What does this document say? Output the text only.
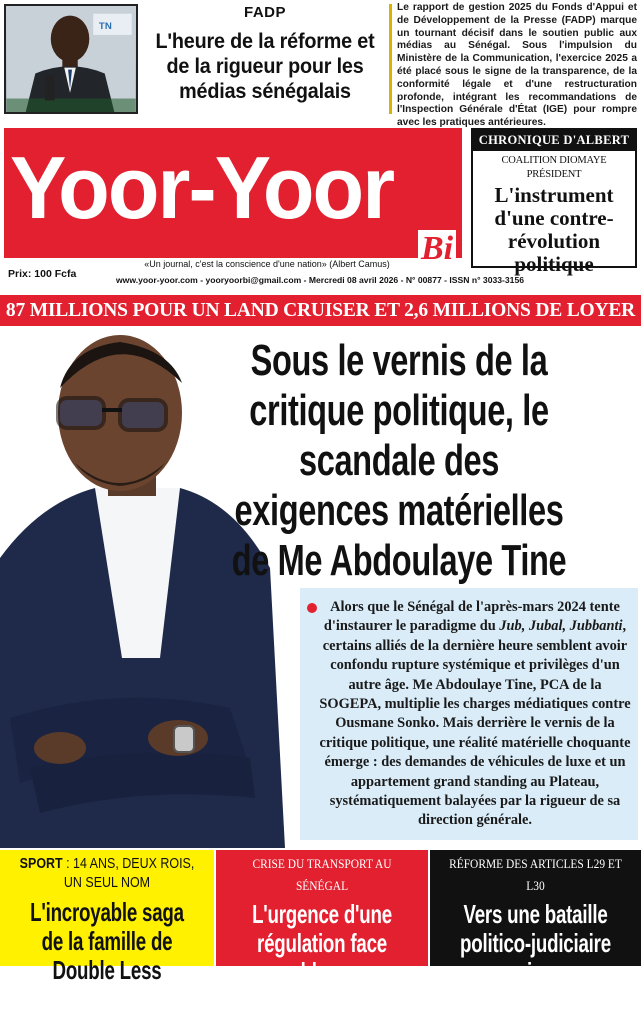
TN
FADP
L'heure de la réforme et de la rigueur pour les médias sénégalais
Le rapport de gestion 2025 du Fonds d'Appui et de Développement de la Presse (FADP) marque un tournant décisif dans le soutien public aux médias au Sénégal. Sous l'impulsion du Ministère de la Communication, l'exercice 2025 a été placé sous le signe de la transparence, de la conformité légale et d'une restructuration profonde, intégrant les recommandations de l'Inspection Générale d'État (IGE) pour rompre avec les pratiques antérieures.
Yoor-Yoor
Prix: 100 Fcfa
«Un journal, c'est la conscience d'une nation» (Albert Camus) Bi
www.yoor-yoor.com - yooryoorbi@gmail.com - Mercredi 08 avril 2026 - N° 00877 - ISSN n° 3033-3156
CHRONIQUE D'ALBERT
COALITION DIOMAYE PRÉSIDENT
L'instrument d'une contre-révolution politique
87 MILLIONS POUR UN LAND CRUISER ET 2,6 MILLIONS DE LOYER
Sous le vernis de la critique politique, le scandale des exigences matérielles de Me Abdoulaye Tine
Alors que le Sénégal de l'après-mars 2024 tente d'instaurer le paradigme du Jub, Jubal, Jubbanti, certains alliés de la dernière heure semblent avoir confondu rupture systémique et privilèges d'un autre âge. Me Abdoulaye Tine, PCA de la SOGEPA, multiplie les charges médiatiques contre Ousmane Sonko. Mais derrière le vernis de la critique politique, une réalité matérielle choquante émerge : des demandes de véhicules de luxe et un appartement grand standing au Plateau, systématiquement balayées par la rigueur de sa direction générale.
SPORT : 14 ANS, DEUX ROIS, UN SEUL NOM
L'incroyable saga de la famille de Double Less
CRISE DU TRANSPORT AU SÉNÉGAL
L'urgence d'une régulation face au blocage syndical
RÉFORME DES ARTICLES L29 ET L30
Vers une bataille politico-judiciaire majeure
